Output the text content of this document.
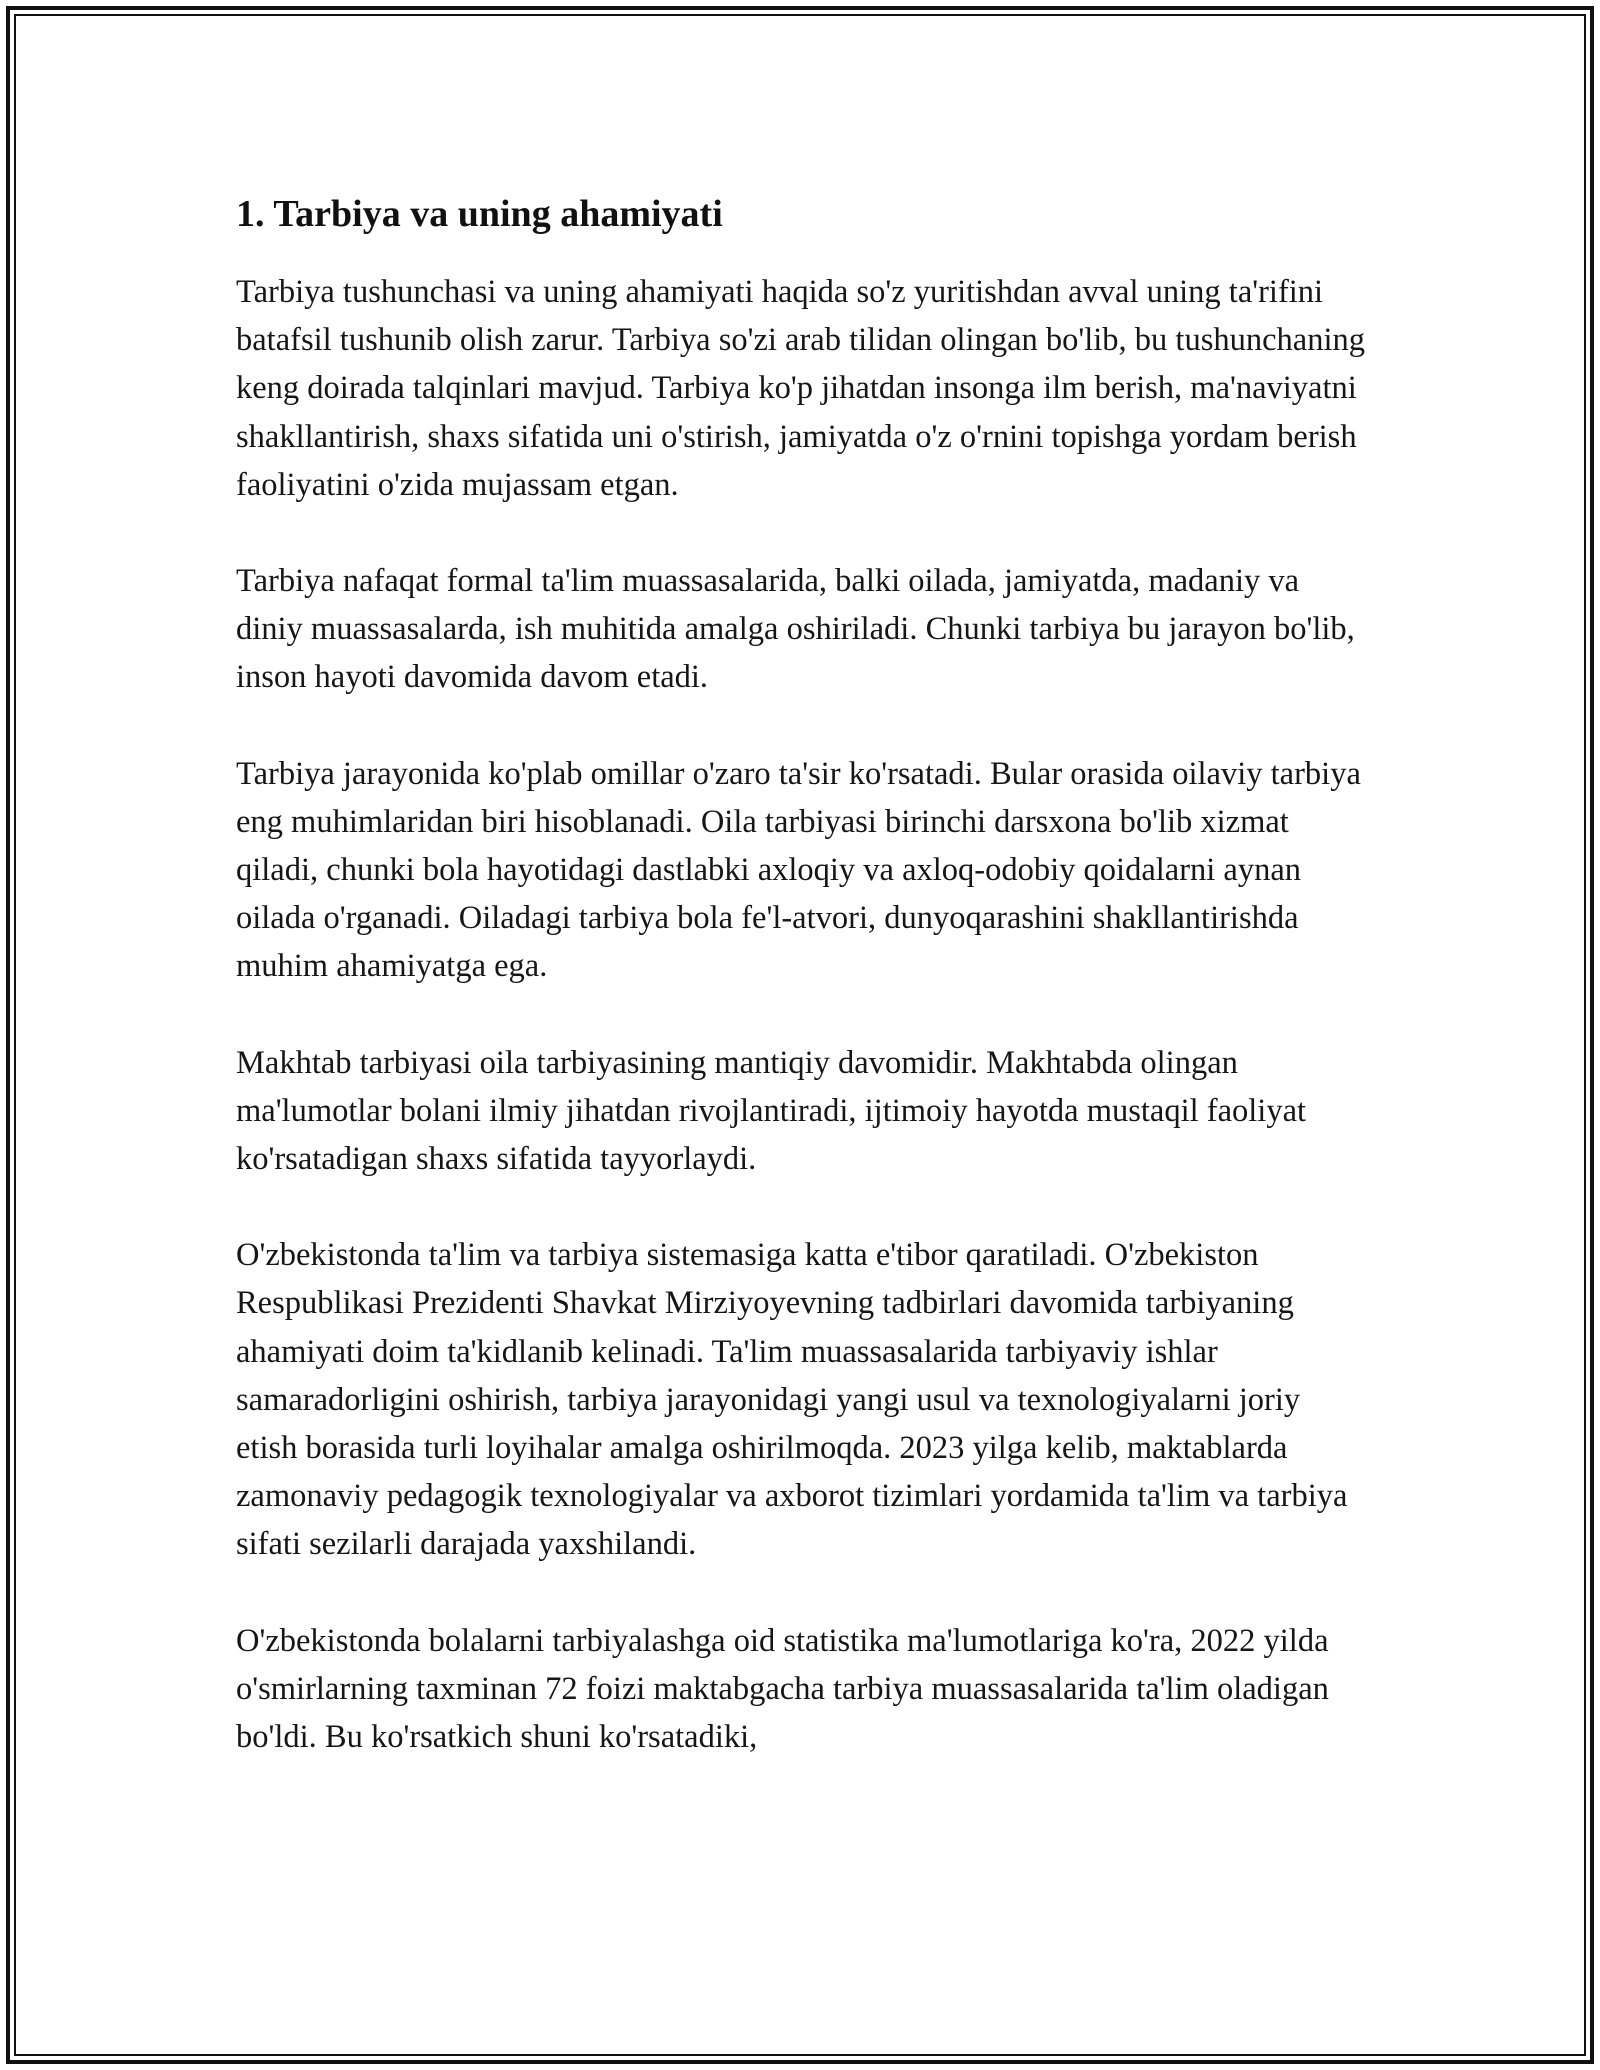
1. Tarbiya va uning ahamiyati

Tarbiya tushunchasi va uning ahamiyati haqida so'z yuritishdan avval uning ta'rifini batafsil tushunib olish zarur. Tarbiya so'zi arab tilidan olingan bo'lib, bu tushunchaning keng doirada talqinlari mavjud. Tarbiya ko'p jihatdan insonga ilm berish, ma'naviyatni shakllantirish, shaxs sifatida uni o'stirish, jamiyatda o'z o'rnini topishga yordam berish faoliyatini o'zida mujassam etgan.

Tarbiya nafaqat formal ta'lim muassasalarida, balki oilada, jamiyatda, madaniy va diniy muassasalarda, ish muhitida amalga oshiriladi. Chunki tarbiya bu jarayon bo'lib, inson hayoti davomida davom etadi.

Tarbiya jarayonida ko'plab omillar o'zaro ta'sir ko'rsatadi. Bular orasida oilaviy tarbiya eng muhimlaridan biri hisoblanadi. Oila tarbiyasi birinchi darsxona bo'lib xizmat qiladi, chunki bola hayotidagi dastlabki axloqiy va axloq-odobiy qoidalarni aynan oilada o'rganadi. Oiladagi tarbiya bola fe'l-atvori, dunyoqarashini shakllantirishda muhim ahamiyatga ega.

Makhtab tarbiyasi oila tarbiyasining mantiqiy davomidir. Makhtabda olingan ma'lumotlar bolani ilmiy jihatdan rivojlantiradi, ijtimoiy hayotda mustaqil faoliyat ko'rsatadigan shaxs sifatida tayyorlaydi.

O'zbekistonda ta'lim va tarbiya sistemasiga katta e'tibor qaratiladi. O'zbekiston Respublikasi Prezidenti Shavkat Mirziyoyevning tadbirlari davomida tarbiyaning ahamiyati doim ta'kidlanib kelinadi. Ta'lim muassasalarida tarbiyaviy ishlar samaradorligini oshirish, tarbiya jarayonidagi yangi usul va texnologiyalarni joriy etish borasida turli loyihalar amalga oshirilmoqda. 2023 yilga kelib, maktablarda zamonaviy pedagogik texnologiyalar va axborot tizimlari yordamida ta'lim va tarbiya sifati sezilarli darajada yaxshilandi.

O'zbekistonda bolalarni tarbiyalashga oid statistika ma'lumotlariga ko'ra, 2022 yilda o'smirlarning taxminan 72 foizi maktabgacha tarbiya muassasalarida ta'lim oladigan bo'ldi. Bu ko'rsatkich shuni ko'rsatadiki,
